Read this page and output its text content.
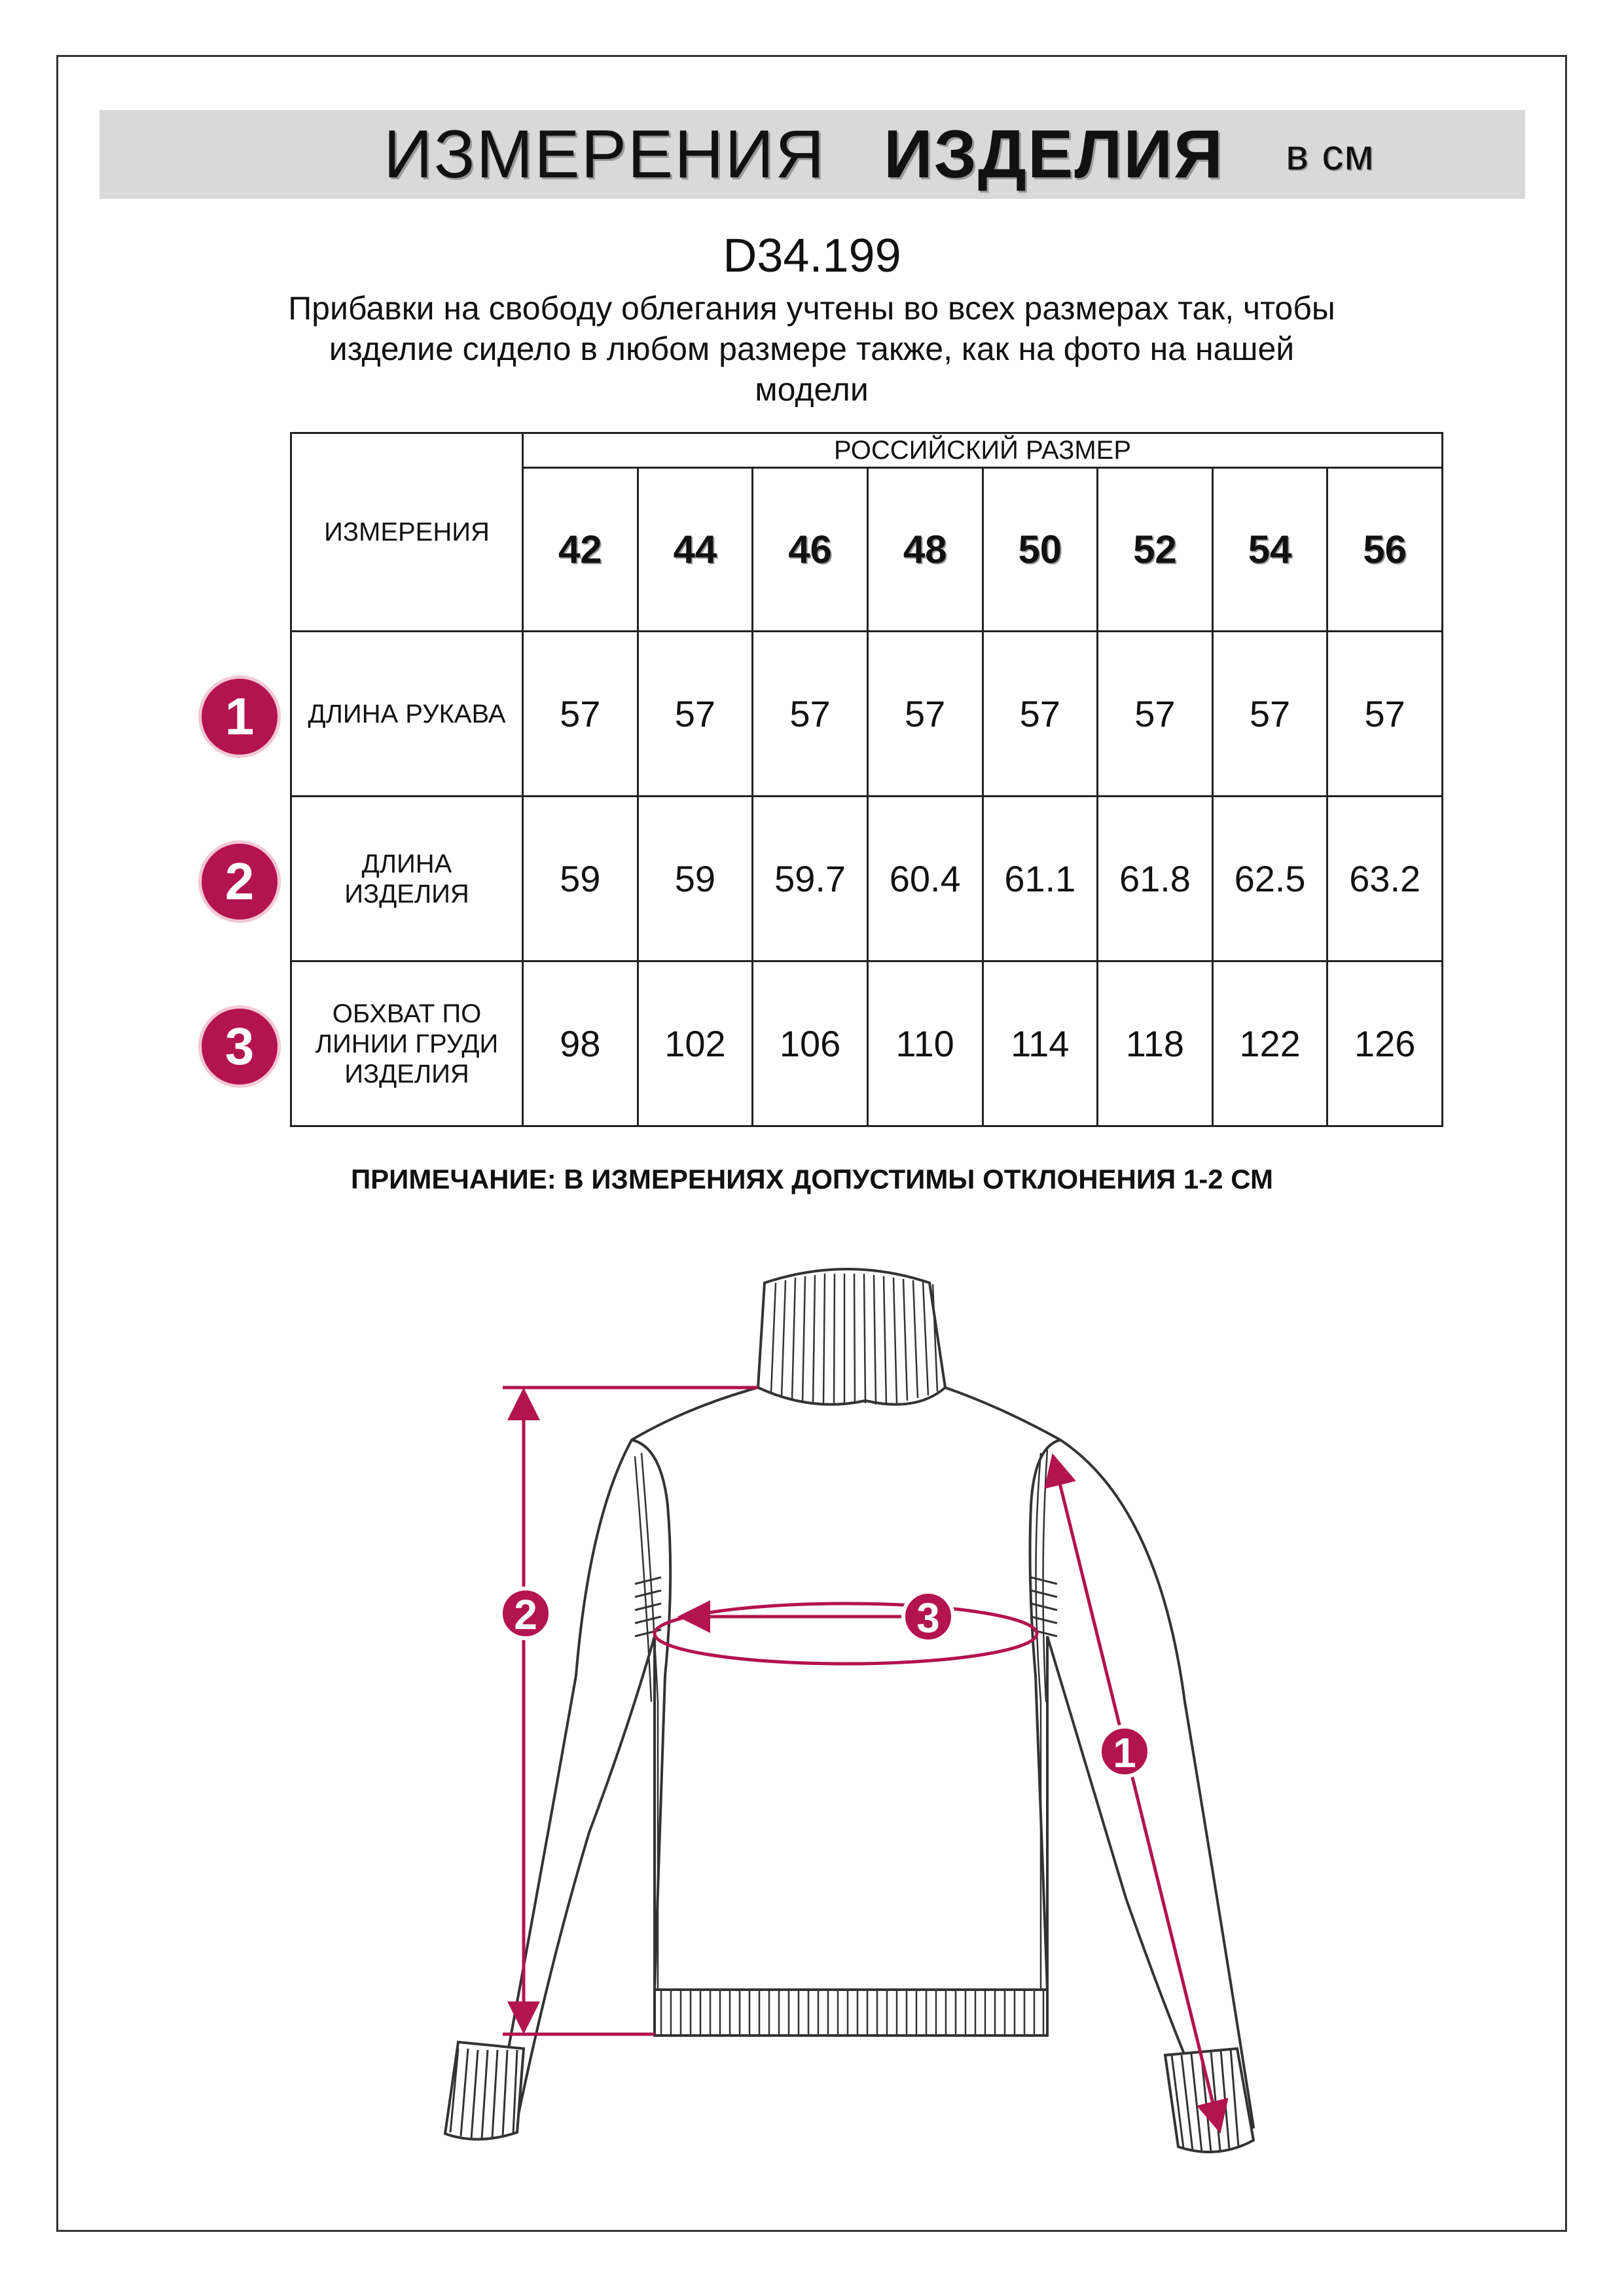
ИЗМЕРЕНИЯ ИЗДЕЛИЯ в см
D34.199
Прибавки на свободу облегания учтены во всех размерах так, чтобы
изделие сидело в любом размере также, как на фото на нашей
модели
ИЗМЕРЕНИЯ	РОССИЙСКИЙ РАЗМЕР							
	42	44	46	48	50	52	54	56

ДЛИНА РУКАВА	57	57	57	57	57	57	57	57

ДЛИНА
ИЗДЕЛИЯ	59	59	59.7	60.4	61.1	61.8	62.5	63.2

ОБХВАТ ПО
ЛИНИИ ГРУДИ
ИЗДЕЛИЯ	98	102	106	110	114	118	122	126
1
2
3
ПРИМЕЧАНИЕ: В ИЗМЕРЕНИЯХ ДОПУСТИМЫ ОТКЛОНЕНИЯ 1-2 СМ
2	3
1
